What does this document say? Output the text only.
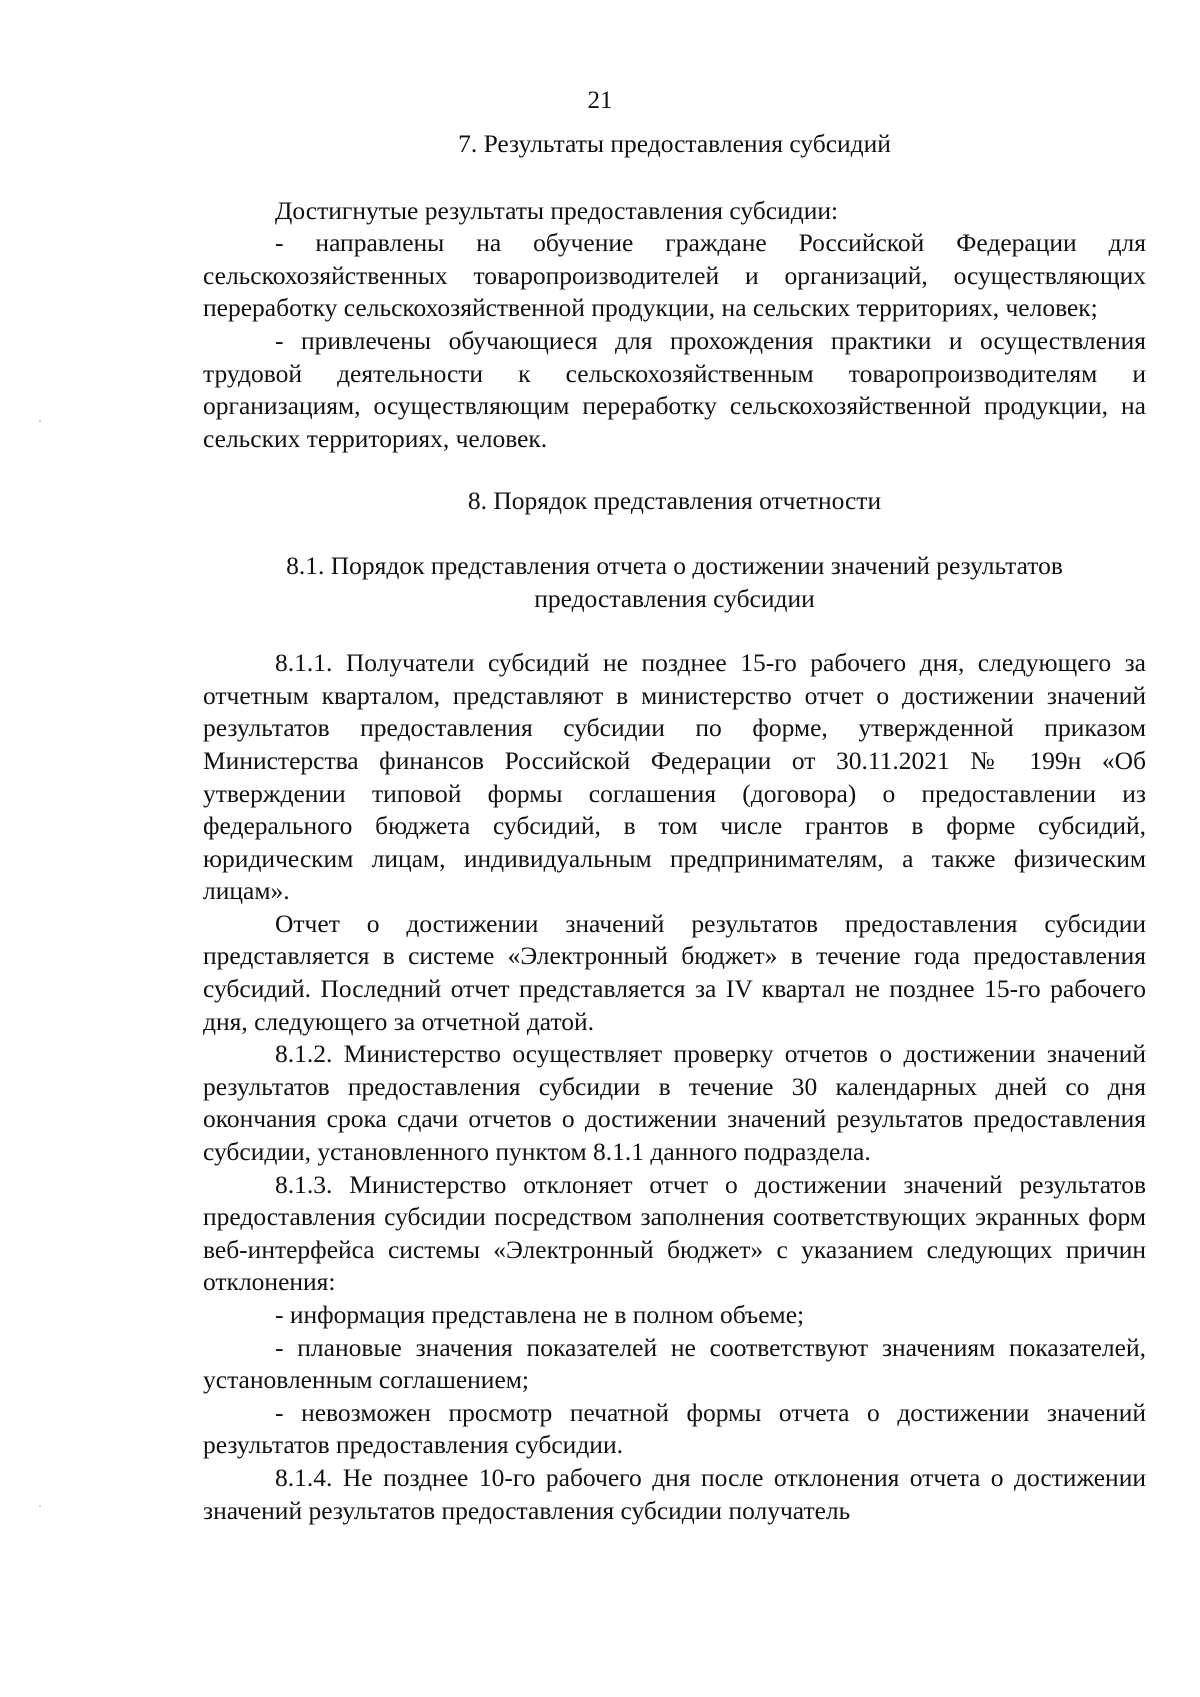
21
7. Результаты предоставления субсидий

Достигнутые результаты предоставления субсидии:

- направлены на обучение граждане Российской Федерации для сельскохозяйственных товаропроизводителей и организаций, осуществляющих переработку сельскохозяйственной продукции, на сельских территориях, человек;

- привлечены обучающиеся для прохождения практики и осуществления трудовой деятельности к сельскохозяйственным товаропроизводителям и организациям, осуществляющим переработку сельскохозяйственной продукции, на сельских территориях, человек.

8. Порядок представления отчетности
8.1. Порядок представления отчета о достижении значений результатов
предоставления субсидии

8.1.1. Получатели субсидий не позднее 15-го рабочего дня, следующего за отчетным кварталом, представляют в министерство отчет о достижении значений результатов предоставления субсидии по форме, утвержденной приказом Министерства финансов Российской Федерации от 30.11.2021 № 199н «Об утверждении типовой формы соглашения (договора) о предоставлении из федерального бюджета субсидий, в том числе грантов в форме субсидий, юридическим лицам, индивидуальным предпринимателям, а также физическим лицам».

Отчет о достижении значений результатов предоставления субсидии представляется в системе «Электронный бюджет» в течение года предоставления субсидий. Последний отчет представляется за IV квартал не позднее 15-го рабочего дня, следующего за отчетной датой.

8.1.2. Министерство осуществляет проверку отчетов о достижении значений результатов предоставления субсидии в течение 30 календарных дней со дня окончания срока сдачи отчетов о достижении значений результатов предоставления субсидии, установленного пунктом 8.1.1 данного подраздела.

8.1.3. Министерство отклоняет отчет о достижении значений результатов предоставления субсидии посредством заполнения соответствующих экранных форм веб-интерфейса системы «Электронный бюджет» с указанием следующих причин отклонения:

- информация представлена не в полном объеме;

- плановые значения показателей не соответствуют значениям показателей, установленным соглашением;

- невозможен просмотр печатной формы отчета о достижении значений результатов предоставления субсидии.

8.1.4. Не позднее 10-го рабочего дня после отклонения отчета о достижении значений результатов предоставления субсидии получатель
